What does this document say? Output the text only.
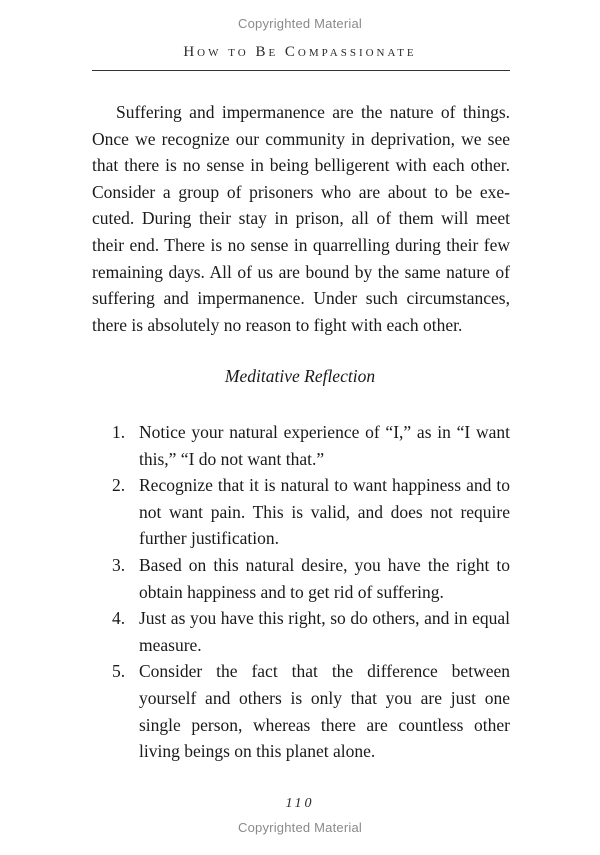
Copyrighted Material
How to Be Compassionate

Suffering and impermanence are the nature of things. Once we recognize our community in deprivation, we see that there is no sense in being belligerent with each other. Consider a group of prisoners who are about to be executed. During their stay in prison, all of them will meet their end. There is no sense in quarrelling during their few remaining days. All of us are bound by the same nature of suffering and impermanence. Under such circumstances, there is absolutely no reason to fight with each other.

Meditative Reflection
1. Notice your natural experience of “I,” as in “I want this,” “I do not want that.”
2. Recognize that it is natural to want happiness and to not want pain. This is valid, and does not require further justification.
3. Based on this natural desire, you have the right to obtain happiness and to get rid of suffering.
4. Just as you have this right, so do others, and in equal measure.
5. Consider the fact that the difference between yourself and others is only that you are just one single person, whereas there are countless other living beings on this planet alone.
110
Copyrighted Material
